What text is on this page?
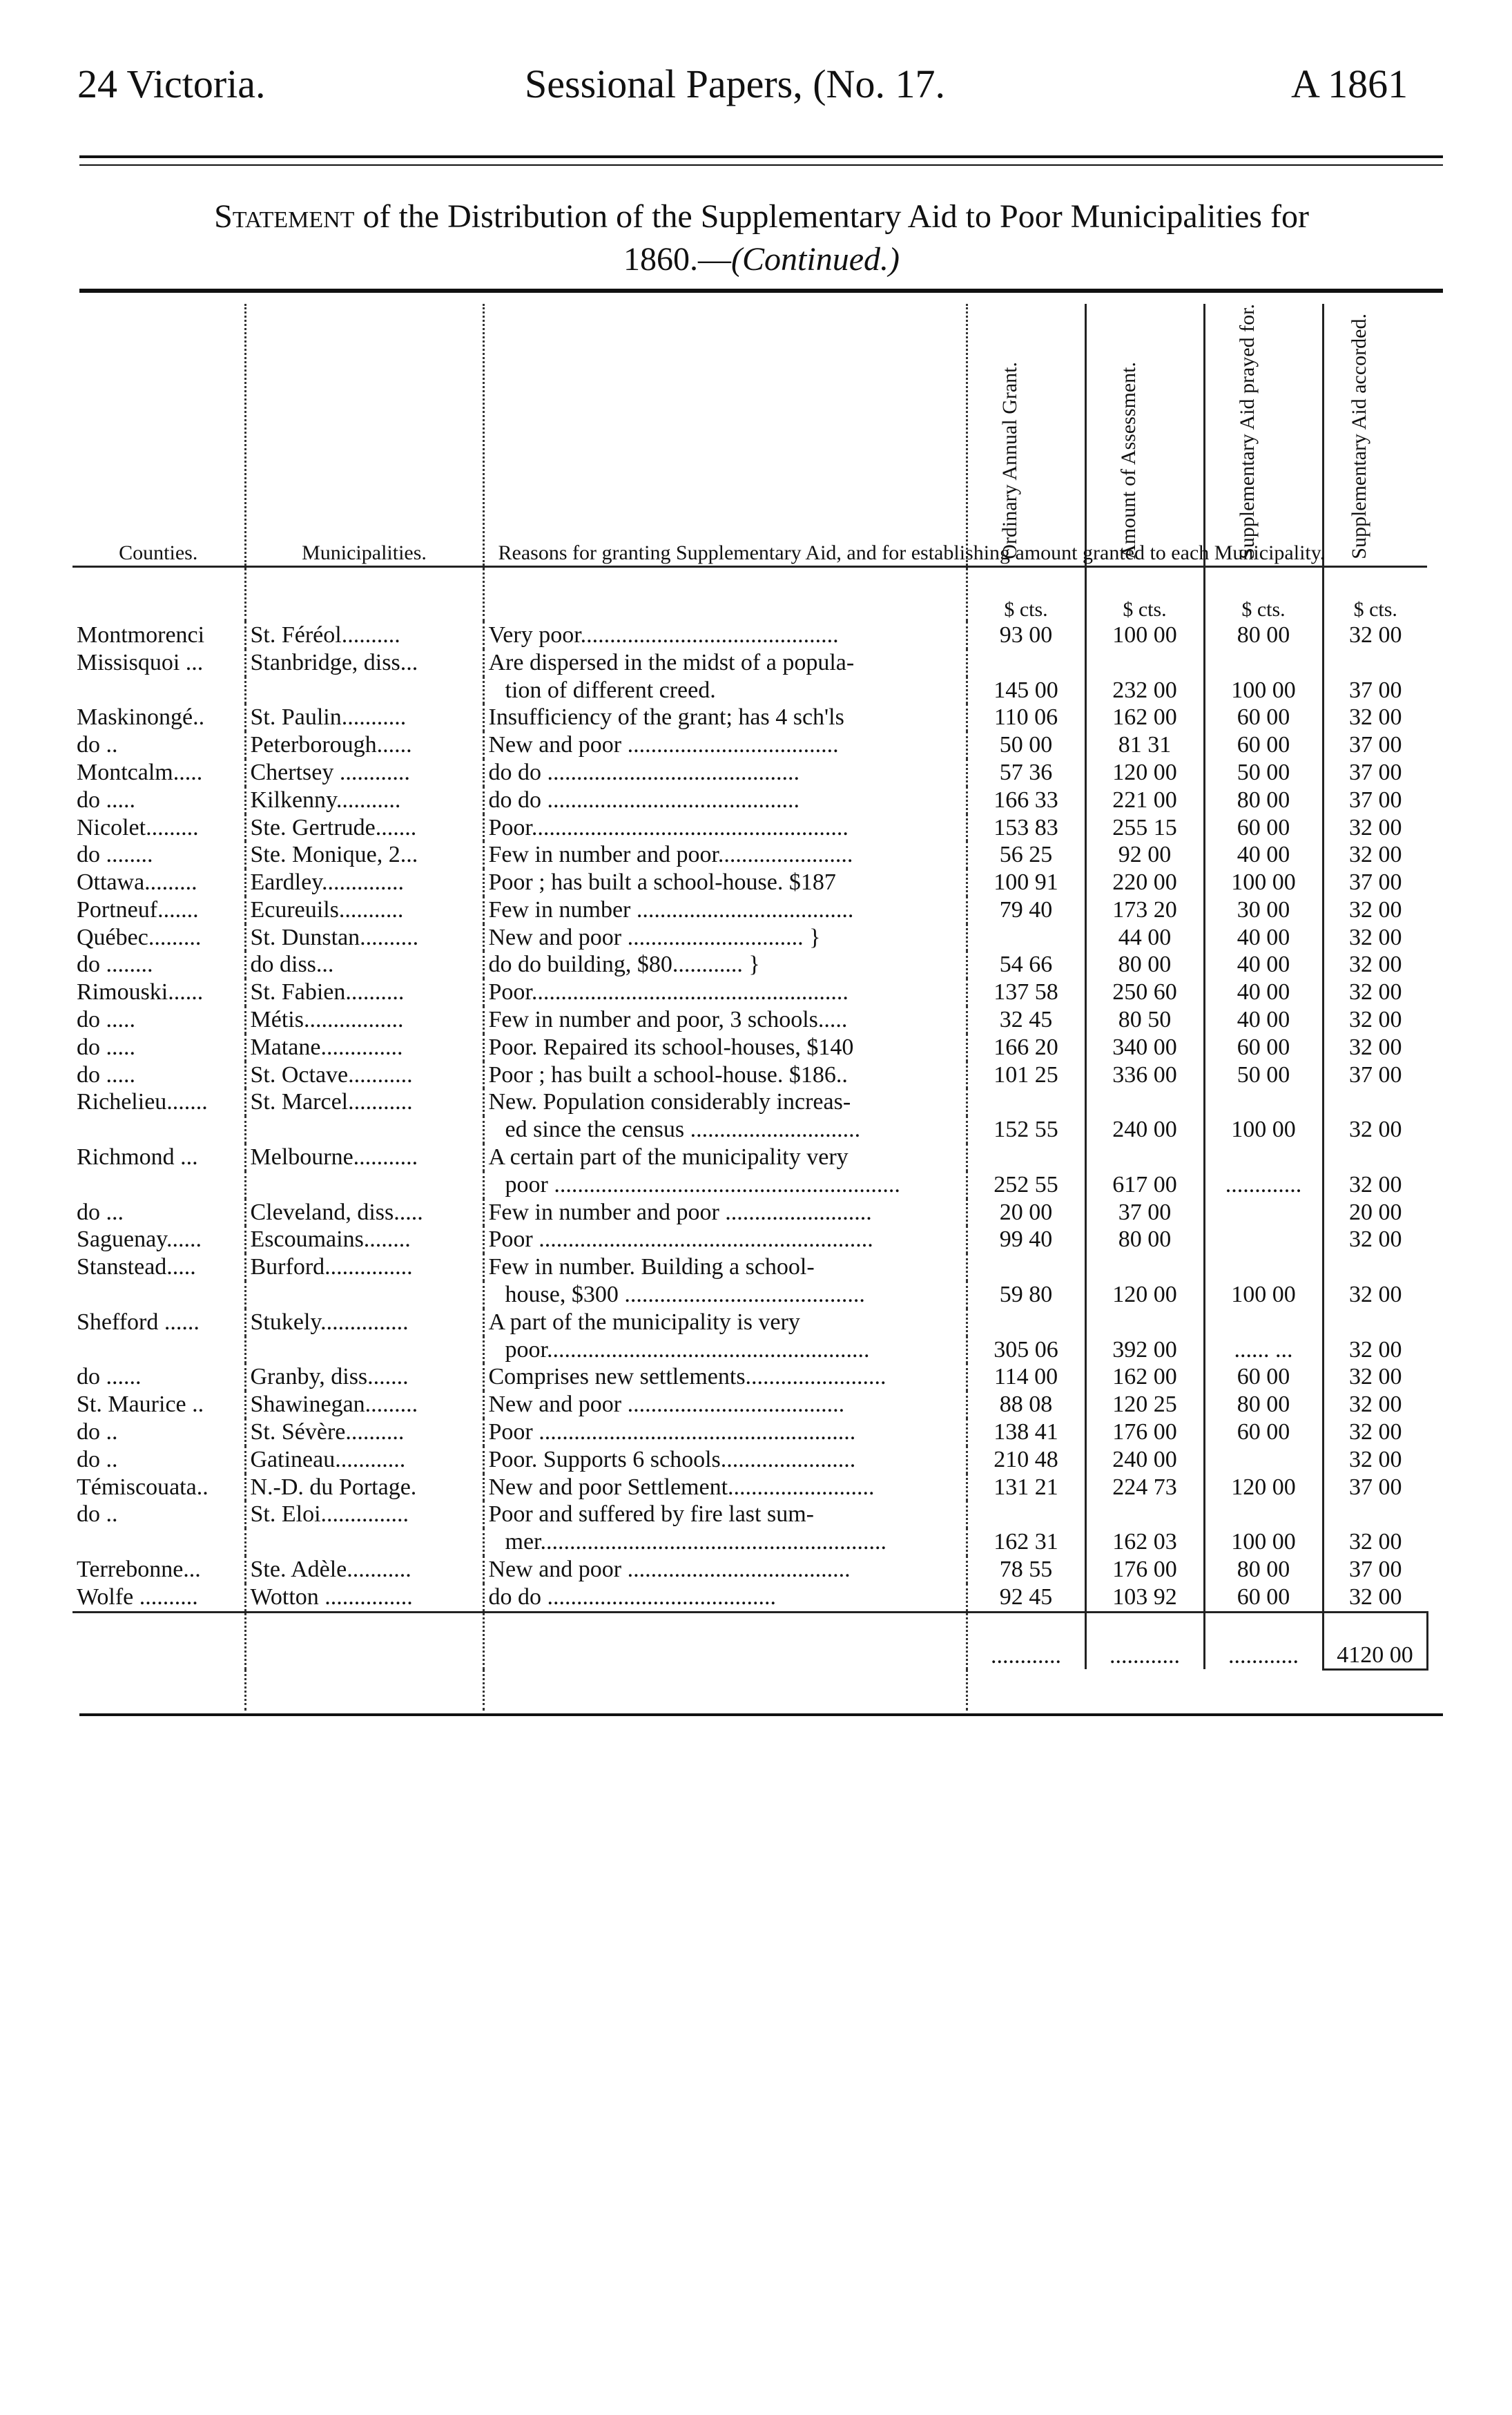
24 Victoria.	Sessional Papers, (No. 17.	A 1861
Statement of the Distribution of the Supplementary Aid to Poor Municipalities for
1860.—(Continued.)
Counties.	Municipalities.	Reasons for granting Supplementary Aid, and for establishing amount granted to each Municipality.	Ordinary Annual Grant.	Amount of Assessment.	Supplementary Aid prayed for.	Supplementary Aid accorded.
			$ cts.	$ cts.	$ cts.	$ cts.
Montmorenci	St. Féréol..........	Very poor............................................	93 00	100 00	80 00	32 00
Missisquoi ...	Stanbridge, diss...	Are dispersed in the midst of a popula-				
		tion of different creed.	145 00	232 00	100 00	37 00
Maskinongé..	St. Paulin...........	Insufficiency of the grant; has 4 sch'ls	110 06	162 00	60 00	32 00
do ..	Peterborough......	New and poor ....................................	50 00	81 31	60 00	37 00
Montcalm.....	Chertsey ............	do do ...........................................	57 36	120 00	50 00	37 00
do .....	Kilkenny...........	do do ...........................................	166 33	221 00	80 00	37 00
Nicolet.........	Ste. Gertrude.......	Poor......................................................	153 83	255 15	60 00	32 00
do ........	Ste. Monique, 2...	Few in number and poor.......................	56 25	92 00	40 00	32 00
Ottawa.........	Eardley..............	Poor ; has built a school-house. $187	100 91	220 00	100 00	37 00
Portneuf.......	Ecureuils...........	Few in number .....................................	79 40	173 20	30 00	32 00
Québec.........	St. Dunstan..........	New and poor .............................. }		44 00	40 00	32 00
do ........	do diss...	do do building, $80............ }	54 66	80 00	40 00	32 00
Rimouski......	St. Fabien..........	Poor......................................................	137 58	250 60	40 00	32 00
do .....	Métis.................	Few in number and poor, 3 schools.....	32 45	80 50	40 00	32 00
do .....	Matane..............	Poor. Repaired its school-houses, $140	166 20	340 00	60 00	32 00
do .....	St. Octave...........	Poor ; has built a school-house. $186..	101 25	336 00	50 00	37 00
Richelieu.......	St. Marcel...........	New. Population considerably increas-				
		ed since the census .............................	152 55	240 00	100 00	32 00
Richmond ...	Melbourne...........	A certain part of the municipality very				
		poor ...........................................................	252 55	617 00	.............	32 00
do ...	Cleveland, diss.....	Few in number and poor .........................	20 00	37 00		20 00
Saguenay......	Escoumains........	Poor .........................................................	99 40	80 00		32 00
Stanstead.....	Burford...............	Few in number. Building a school-				
		house, $300 .........................................	59 80	120 00	100 00	32 00
Shefford ......	Stukely...............	A part of the municipality is very				
		poor.......................................................	305 06	392 00	...... ...	32 00
do ......	Granby, diss.......	Comprises new settlements........................	114 00	162 00	60 00	32 00
St. Maurice ..	Shawinegan.........	New and poor .....................................	88 08	120 25	80 00	32 00
do ..	St. Sévère..........	Poor ......................................................	138 41	176 00	60 00	32 00
do ..	Gatineau............	Poor. Supports 6 schools.......................	210 48	240 00		32 00
Témiscouata..	N.-D. du Portage.	New and poor Settlement.........................	131 21	224 73	120 00	37 00
do ..	St. Eloi...............	Poor and suffered by fire last sum-				
		mer...........................................................	162 31	162 03	100 00	32 00
Terrebonne...	Ste. Adèle...........	New and poor ......................................	78 55	176 00	80 00	37 00
Wolfe ..........	Wotton ...............	do do .......................................	92 45	103 92	60 00	32 00
			............	............	............	4120 00
